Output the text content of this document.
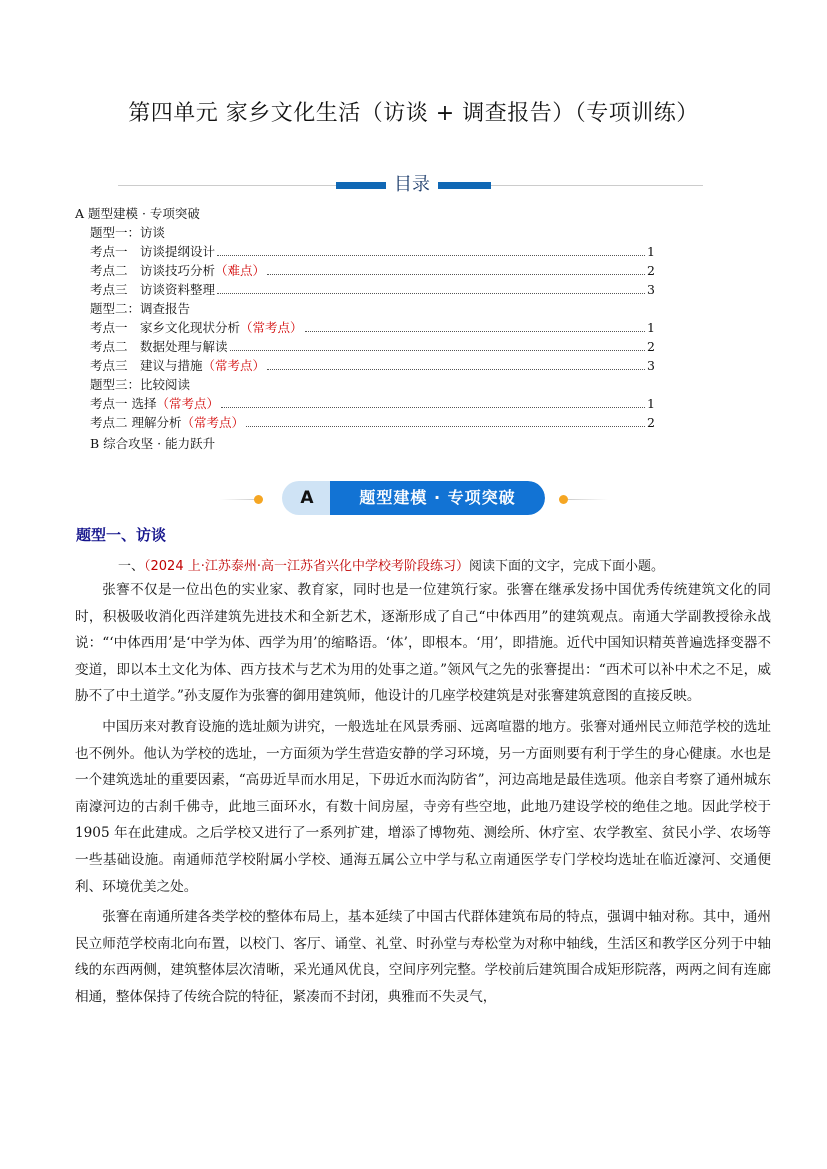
第四单元 家乡文化生活（访谈 + 调查报告）（专项训练）
目录
A 题型建模 · 专项突破
题型一：访谈
考点一　访谈提纲设计	1
考点二　访谈技巧分析 （难点）	2
考点三　访谈资料整理	3
题型二：调查报告
考点一　家乡文化现状分析 （常考点）	1
考点二　数据处理与解读	2
考点三　建议与措施 （常考点）	3
题型三：比较阅读
考点一 选择 （常考点）	1
考点二 理解分析 （常考点）	2
B 综合攻坚 · 能力跃升
A	题型建模 · 专项突破
题型一、访谈
一、（2024 上·江苏泰州·高一江苏省兴化中学校考阶段练习）阅读下面的文字，完成下面小题。

张謇不仅是一位出色的实业家、教育家，同时也是一位建筑行家。张謇在继承发扬中国优秀传统建筑文化的同时，积极吸收消化西洋建筑先进技术和全新艺术，逐渐形成了自己“中体西用”的建筑观点。南通大学副教授徐永战说：“‘中体西用’是‘中学为体、西学为用’的缩略语。‘体’，即根本。‘用’，即措施。近代中国知识精英普遍选择变器不变道，即以本土文化为体、西方技术与艺术为用的处事之道。”领风气之先的张謇提出：“西术可以补中术之不足，威胁不了中土道学。”孙支厦作为张謇的御用建筑师，他设计的几座学校建筑是对张謇建筑意图的直接反映。

中国历来对教育设施的选址颇为讲究，一般选址在风景秀丽、远离喧嚣的地方。张謇对通州民立师范学校的选址也不例外。他认为学校的选址，一方面须为学生营造安静的学习环境，另一方面则要有利于学生的身心健康。水也是一个建筑选址的重要因素，“高毋近旱而水用足，下毋近水而沟防省”，河边高地是最佳选项。他亲自考察了通州城东南濠河边的古刹千佛寺，此地三面环水，有数十间房屋，寺旁有些空地，此地乃建设学校的绝佳之地。因此学校于 1905 年在此建成。之后学校又进行了一系列扩建，增添了博物苑、测绘所、休疗室、农学教室、贫民小学、农场等一些基础设施。南通师范学校附属小学校、通海五属公立中学与私立南通医学专门学校均选址在临近濠河、交通便利、环境优美之处。

张謇在南通所建各类学校的整体布局上，基本延续了中国古代群体建筑布局的特点，强调中轴对称。其中，通州民立师范学校南北向布置，以校门、客厅、诵堂、礼堂、时孙堂与寿松堂为对称中轴线，生活区和教学区分列于中轴线的东西两侧，建筑整体层次清晰，采光通风优良，空间序列完整。学校前后建筑围合成矩形院落，两两之间有连廊相通，整体保持了传统合院的特征，紧凑而不封闭，典雅而不失灵气，
